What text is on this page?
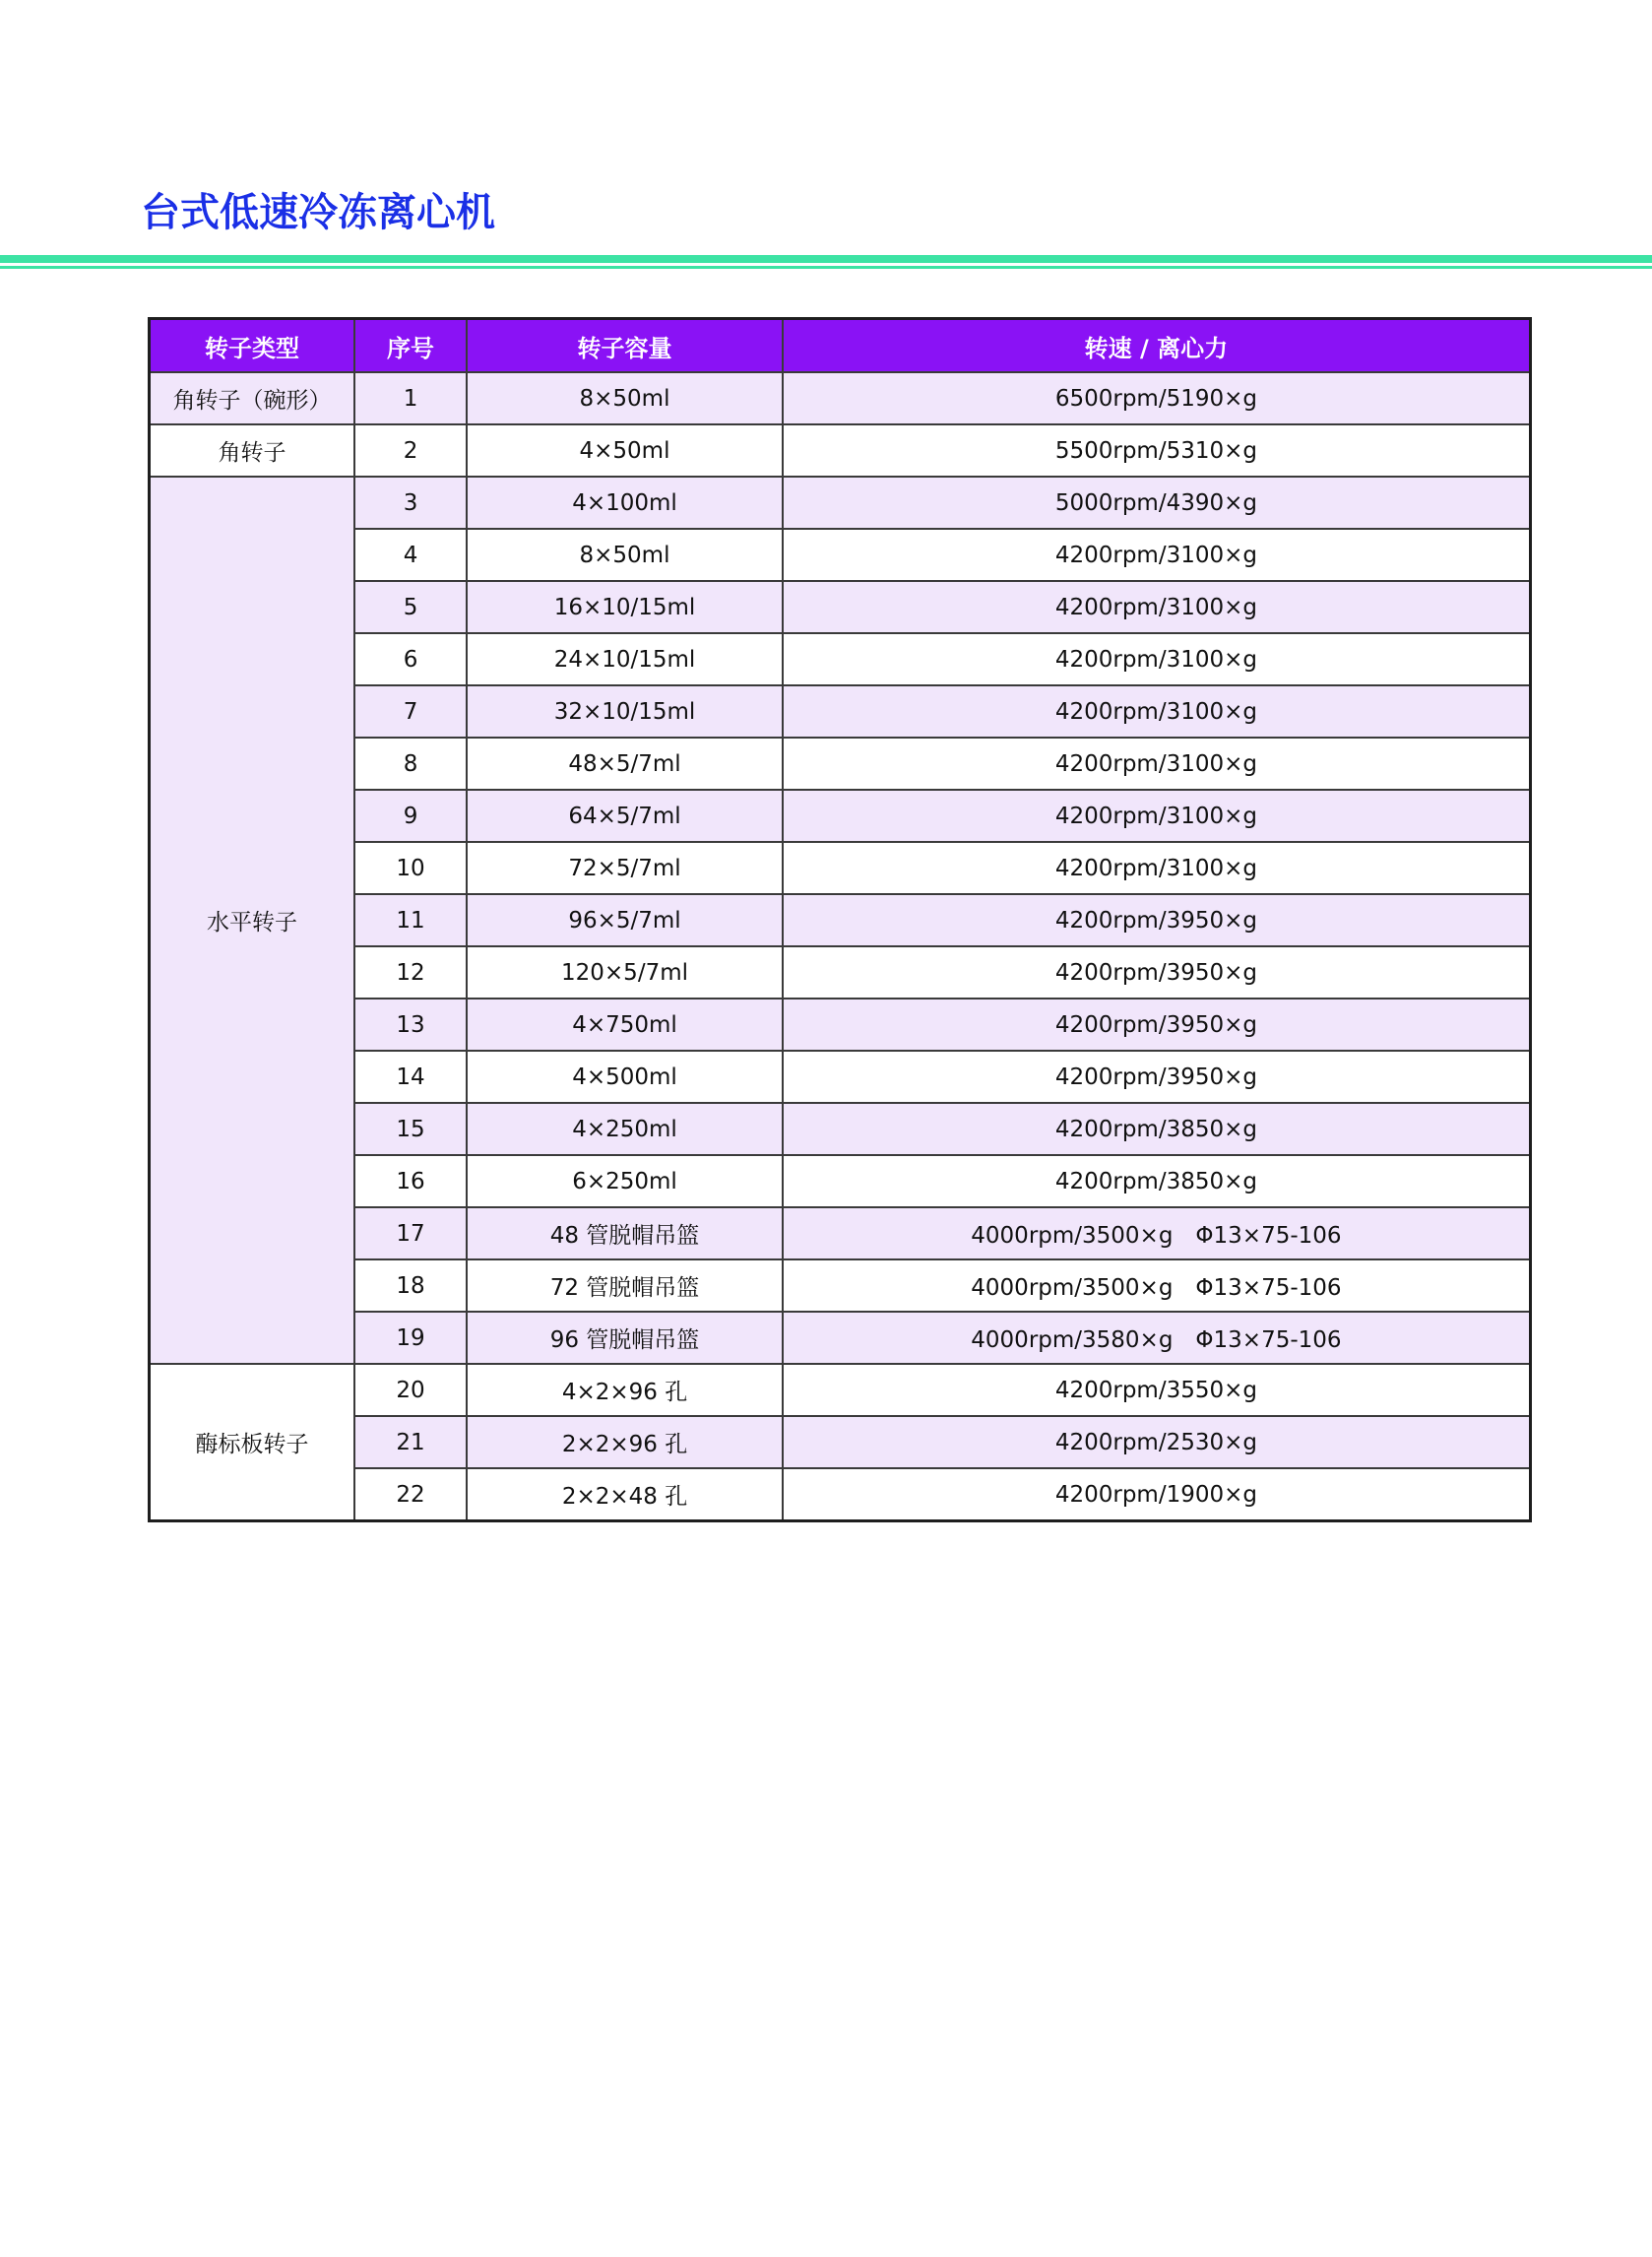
台式低速冷冻离心机
转子类型	序号	转子容量	转速 / 离心力
角转子（碗形）	1	8×50ml	6500rpm/5190×g
角转子	2	4×50ml	5500rpm/5310×g
水平转子	3	4×100ml	5000rpm/4390×g
	4	8×50ml	4200rpm/3100×g
	5	16×10/15ml	4200rpm/3100×g
	6	24×10/15ml	4200rpm/3100×g
	7	32×10/15ml	4200rpm/3100×g
	8	48×5/7ml	4200rpm/3100×g
	9	64×5/7ml	4200rpm/3100×g
	10	72×5/7ml	4200rpm/3100×g
	11	96×5/7ml	4200rpm/3950×g
	12	120×5/7ml	4200rpm/3950×g
	13	4×750ml	4200rpm/3950×g
	14	4×500ml	4200rpm/3950×g
	15	4×250ml	4200rpm/3850×g
	16	6×250ml	4200rpm/3850×g
	17	48 管脱帽吊篮	4000rpm/3500×g　Φ13×75-106
	18	72 管脱帽吊篮	4000rpm/3500×g　Φ13×75-106
	19	96 管脱帽吊篮	4000rpm/3580×g　Φ13×75-106
酶标板转子	20	4×2×96 孔	4200rpm/3550×g
	21	2×2×96 孔	4200rpm/2530×g
	22	2×2×48 孔	4200rpm/1900×g
